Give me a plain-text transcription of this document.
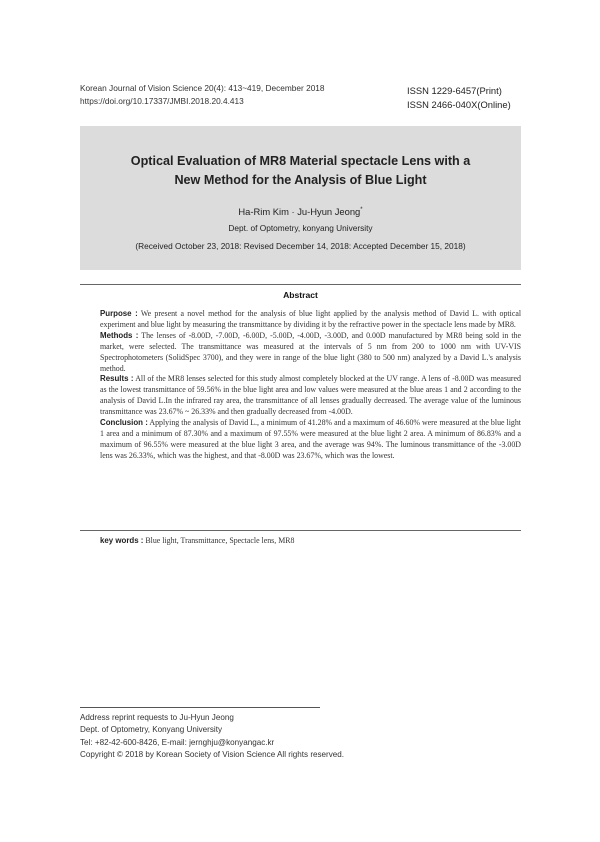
Korean Journal of Vision Science 20(4): 413~419, December 2018
https://doi.org/10.17337/JMBI.2018.20.4.413
ISSN 1229-6457(Print)
ISSN 2466-040X(Online)
Optical Evaluation of MR8 Material spectacle Lens with a
New Method for the Analysis of Blue Light
Ha-Rim Kim · Ju-Hyun Jeong*
Dept. of Optometry, konyang University
(Received October 23, 2018: Revised December 14, 2018: Accepted December 15, 2018)
Abstract

Purpose : We present a novel method for the analysis of blue light applied by the analysis method of David L. with optical experiment and blue light by measuring the transmittance by dividing it by the refractive power in the spectacle lens made by MR8.

Methods : The lenses of -8.00D, -7.00D, -6.00D, -5.00D, -4.00D, -3.00D, and 0.00D manufactured by MR8 being sold in the market, were selected. The transmittance was measured at the intervals of 5 nm from 200 to 1000 nm with UV-VIS Spectrophotometers (SolidSpec 3700), and they were in range of the blue light (380 to 500 nm) analyzed by a David L.'s analysis method.

Results : All of the MR8 lenses selected for this study almost completely blocked at the UV range. A lens of -8.00D was measured as the lowest transmittance of 59.56% in the blue light area and low values were measured at the blue areas 1 and 2 according to the analysis of David L.In the infrared ray area, the transmittance of all lenses gradually decreased. The average value of the luminous transmittance was 23.67% ~ 26.33% and then gradually decreased from -4.00D.

Conclusion : Applying the analysis of David L., a minimum of 41.28% and a maximum of 46.60% were measured at the blue light 1 area and a minimum of 87.30% and a maximum of 97.55% were measured at the blue light 2 area. A minimum of 86.83% and a maximum of 96.55% were measured at the blue light 3 area, and the average was 94%. The luminous transmittance of the -3.00D lens was 26.33%, which was the highest, and that -8.00D was 23.67%, which was the lowest.

key words : Blue light, Transmittance, Spectacle lens, MR8
Address reprint requests to Ju-Hyun Jeong
Dept. of Optometry, Konyang University
Tel: +82-42-600-8426, E-mail: jernghju@konyangac.kr
Copyright © 2018 by Korean Society of Vision Science All rights reserved.
